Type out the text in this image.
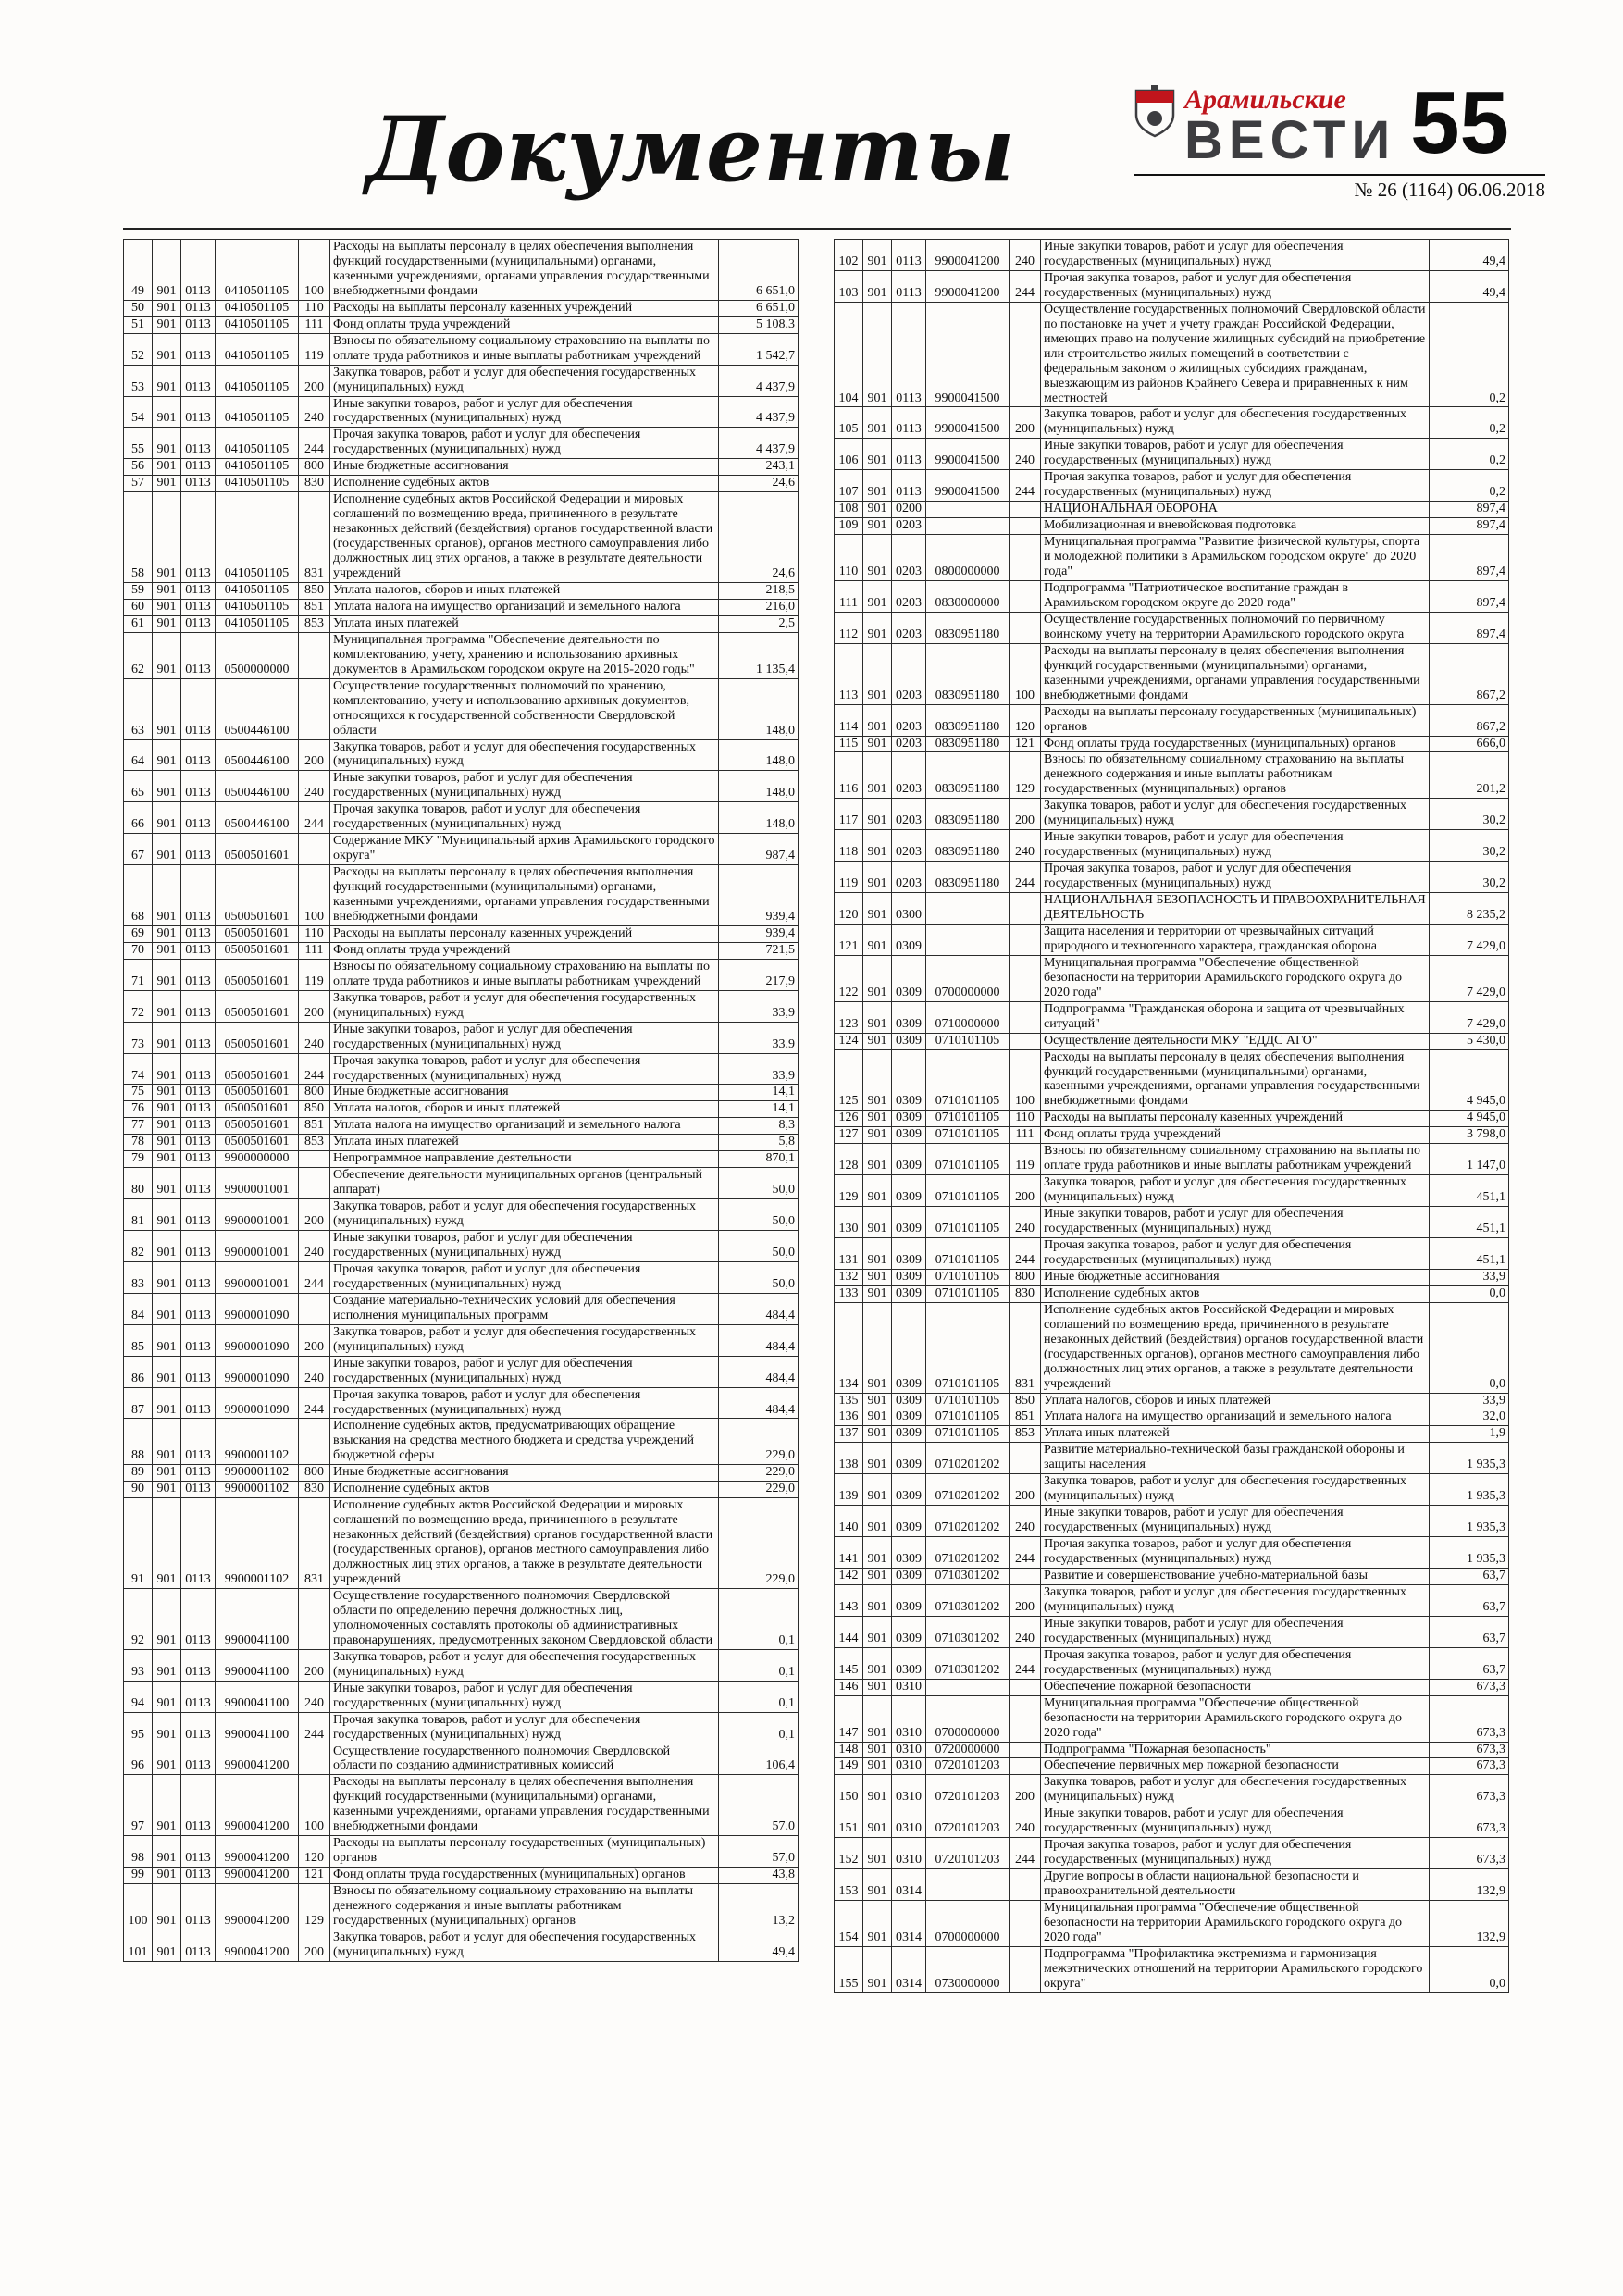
Документы	Арамильские
ВЕСТИ 55
№ 26 (1164) 06.06.2018
49	901	0113	0410501105	100	Расходы на выплаты персоналу в целях обеспечения выполнения функций государственными (муниципальными) органами, казенными учреждениями, органами управления государственными внебюджетными фондами	6 651,0
50	901	0113	0410501105	110	Расходы на выплаты персоналу казенных учреждений	6 651,0
51	901	0113	0410501105	111	Фонд оплаты труда учреждений	5 108,3
52	901	0113	0410501105	119	Взносы по обязательному социальному страхованию на выплаты по оплате труда работников и иные выплаты работникам учреждений	1 542,7
53	901	0113	0410501105	200	Закупка товаров, работ и услуг для обеспечения государственных (муниципальных) нужд	4 437,9
54	901	0113	0410501105	240	Иные закупки товаров, работ и услуг для обеспечения государственных (муниципальных) нужд	4 437,9
55	901	0113	0410501105	244	Прочая закупка товаров, работ и услуг для обеспечения государственных (муниципальных) нужд	4 437,9
56	901	0113	0410501105	800	Иные бюджетные ассигнования	243,1
57	901	0113	0410501105	830	Исполнение судебных актов	24,6
58	901	0113	0410501105	831	Исполнение судебных актов Российской Федерации и мировых соглашений по возмещению вреда, причиненного в результате незаконных действий (бездействия) органов государственной власти (государственных органов), органов местного самоуправления либо должностных лиц этих органов, а также в результате деятельности учреждений	24,6
59	901	0113	0410501105	850	Уплата налогов, сборов и иных платежей	218,5
60	901	0113	0410501105	851	Уплата налога на имущество организаций и земельного налога	216,0
61	901	0113	0410501105	853	Уплата иных платежей	2,5
62	901	0113	0500000000		Муниципальная программа "Обеспечение деятельности по комплектованию, учету, хранению и использованию архивных документов в Арамильском городском округе на 2015-2020 годы"	1 135,4
63	901	0113	0500446100		Осуществление государственных полномочий по хранению, комплектованию, учету и использованию архивных документов, относящихся к государственной собственности Свердловской области	148,0
64	901	0113	0500446100	200	Закупка товаров, работ и услуг для обеспечения государственных (муниципальных) нужд	148,0
65	901	0113	0500446100	240	Иные закупки товаров, работ и услуг для обеспечения государственных (муниципальных) нужд	148,0
66	901	0113	0500446100	244	Прочая закупка товаров, работ и услуг для обеспечения государственных (муниципальных) нужд	148,0
67	901	0113	0500501601		Содержание МКУ "Муниципальный архив Арамильского городского округа"	987,4
68	901	0113	0500501601	100	Расходы на выплаты персоналу в целях обеспечения выполнения функций государственными (муниципальными) органами, казенными учреждениями, органами управления государственными внебюджетными фондами	939,4
69	901	0113	0500501601	110	Расходы на выплаты персоналу казенных учреждений	939,4
70	901	0113	0500501601	111	Фонд оплаты труда учреждений	721,5
71	901	0113	0500501601	119	Взносы по обязательному социальному страхованию на выплаты по оплате труда работников и иные выплаты работникам учреждений	217,9
72	901	0113	0500501601	200	Закупка товаров, работ и услуг для обеспечения государственных (муниципальных) нужд	33,9
73	901	0113	0500501601	240	Иные закупки товаров, работ и услуг для обеспечения государственных (муниципальных) нужд	33,9
74	901	0113	0500501601	244	Прочая закупка товаров, работ и услуг для обеспечения государственных (муниципальных) нужд	33,9
75	901	0113	0500501601	800	Иные бюджетные ассигнования	14,1
76	901	0113	0500501601	850	Уплата налогов, сборов и иных платежей	14,1
77	901	0113	0500501601	851	Уплата налога на имущество организаций и земельного налога	8,3
78	901	0113	0500501601	853	Уплата иных платежей	5,8
79	901	0113	9900000000		Непрограммное направление деятельности	870,1
80	901	0113	9900001001		Обеспечение деятельности муниципальных органов (центральный аппарат)	50,0
81	901	0113	9900001001	200	Закупка товаров, работ и услуг для обеспечения государственных (муниципальных) нужд	50,0
82	901	0113	9900001001	240	Иные закупки товаров, работ и услуг для обеспечения государственных (муниципальных) нужд	50,0
83	901	0113	9900001001	244	Прочая закупка товаров, работ и услуг для обеспечения государственных (муниципальных) нужд	50,0
84	901	0113	9900001090		Создание материально-технических условий для обеспечения исполнения муниципальных программ	484,4
85	901	0113	9900001090	200	Закупка товаров, работ и услуг для обеспечения государственных (муниципальных) нужд	484,4
86	901	0113	9900001090	240	Иные закупки товаров, работ и услуг для обеспечения государственных (муниципальных) нужд	484,4
87	901	0113	9900001090	244	Прочая закупка товаров, работ и услуг для обеспечения государственных (муниципальных) нужд	484,4
88	901	0113	9900001102		Исполнение судебных актов, предусматривающих обращение взыскания на средства местного бюджета и средства учреждений бюджетной сферы	229,0
89	901	0113	9900001102	800	Иные бюджетные ассигнования	229,0
90	901	0113	9900001102	830	Исполнение судебных актов	229,0
91	901	0113	9900001102	831	Исполнение судебных актов Российской Федерации и мировых соглашений по возмещению вреда, причиненного в результате незаконных действий (бездействия) органов государственной власти (государственных органов), органов местного самоуправления либо должностных лиц этих органов, а также в результате деятельности учреждений	229,0
92	901	0113	9900041100		Осуществление государственного полномочия Свердловской области по определению перечня должностных лиц, уполномоченных составлять протоколы об административных правонарушениях, предусмотренных законом Свердловской области	0,1
93	901	0113	9900041100	200	Закупка товаров, работ и услуг для обеспечения государственных (муниципальных) нужд	0,1
94	901	0113	9900041100	240	Иные закупки товаров, работ и услуг для обеспечения государственных (муниципальных) нужд	0,1
95	901	0113	9900041100	244	Прочая закупка товаров, работ и услуг для обеспечения государственных (муниципальных) нужд	0,1
96	901	0113	9900041200		Осуществление государственного полномочия Свердловской области по созданию административных комиссий	106,4
97	901	0113	9900041200	100	Расходы на выплаты персоналу в целях обеспечения выполнения функций государственными (муниципальными) органами, казенными учреждениями, органами управления государственными внебюджетными фондами	57,0
98	901	0113	9900041200	120	Расходы на выплаты персоналу государственных (муниципальных) органов	57,0
99	901	0113	9900041200	121	Фонд оплаты труда государственных (муниципальных) органов	43,8
100	901	0113	9900041200	129	Взносы по обязательному социальному страхованию на выплаты денежного содержания и иные выплаты работникам государственных (муниципальных) органов	13,2
101	901	0113	9900041200	200	Закупка товаров, работ и услуг для обеспечения государственных (муниципальных) нужд	49,4
102	901	0113	9900041200	240	Иные закупки товаров, работ и услуг для обеспечения государственных (муниципальных) нужд	49,4
103	901	0113	9900041200	244	Прочая закупка товаров, работ и услуг для обеспечения государственных (муниципальных) нужд	49,4
104	901	0113	9900041500		Осуществление государственных полномочий Свердловской области по постановке на учет и учету граждан Российской Федерации, имеющих право на получение жилищных субсидий на приобретение или строительство жилых помещений в соответствии с федеральным законом о жилищных субсидиях гражданам, выезжающим из районов Крайнего Севера и приравненных к ним местностей	0,2
105	901	0113	9900041500	200	Закупка товаров, работ и услуг для обеспечения государственных (муниципальных) нужд	0,2
106	901	0113	9900041500	240	Иные закупки товаров, работ и услуг для обеспечения государственных (муниципальных) нужд	0,2
107	901	0113	9900041500	244	Прочая закупка товаров, работ и услуг для обеспечения государственных (муниципальных) нужд	0,2
108	901	0200			НАЦИОНАЛЬНАЯ ОБОРОНА	897,4
109	901	0203			Мобилизационная и вневойсковая подготовка	897,4
110	901	0203	0800000000		Муниципальная программа "Развитие физической культуры, спорта и молодежной политики в Арамильском городском округе" до 2020 года"	897,4
111	901	0203	0830000000		Подпрограмма "Патриотическое воспитание граждан в Арамильском городском округе до 2020 года"	897,4
112	901	0203	0830951180		Осуществление государственных полномочий по первичному воинскому учету на территории Арамильского городского округа	897,4
113	901	0203	0830951180	100	Расходы на выплаты персоналу в целях обеспечения выполнения функций государственными (муниципальными) органами, казенными учреждениями, органами управления государственными внебюджетными фондами	867,2
114	901	0203	0830951180	120	Расходы на выплаты персоналу государственных (муниципальных) органов	867,2
115	901	0203	0830951180	121	Фонд оплаты труда государственных (муниципальных) органов	666,0
116	901	0203	0830951180	129	Взносы по обязательному социальному страхованию на выплаты денежного содержания и иные выплаты работникам государственных (муниципальных) органов	201,2
117	901	0203	0830951180	200	Закупка товаров, работ и услуг для обеспечения государственных (муниципальных) нужд	30,2
118	901	0203	0830951180	240	Иные закупки товаров, работ и услуг для обеспечения государственных (муниципальных) нужд	30,2
119	901	0203	0830951180	244	Прочая закупка товаров, работ и услуг для обеспечения государственных (муниципальных) нужд	30,2
120	901	0300			НАЦИОНАЛЬНАЯ БЕЗОПАСНОСТЬ И ПРАВООХРАНИТЕЛЬНАЯ ДЕЯТЕЛЬНОСТЬ	8 235,2
121	901	0309			Защита населения и территории от чрезвычайных ситуаций природного и техногенного характера, гражданская оборона	7 429,0
122	901	0309	0700000000		Муниципальная программа "Обеспечение общественной безопасности на территории Арамильского городского округа до 2020 года"	7 429,0
123	901	0309	0710000000		Подпрограмма "Гражданская оборона и защита от чрезвычайных ситуаций"	7 429,0
124	901	0309	0710101105		Осуществление деятельности МКУ "ЕДДС АГО"	5 430,0
125	901	0309	0710101105	100	Расходы на выплаты персоналу в целях обеспечения выполнения функций государственными (муниципальными) органами, казенными учреждениями, органами управления государственными внебюджетными фондами	4 945,0
126	901	0309	0710101105	110	Расходы на выплаты персоналу казенных учреждений	4 945,0
127	901	0309	0710101105	111	Фонд оплаты труда учреждений	3 798,0
128	901	0309	0710101105	119	Взносы по обязательному социальному страхованию на выплаты по оплате труда работников и иные выплаты работникам учреждений	1 147,0
129	901	0309	0710101105	200	Закупка товаров, работ и услуг для обеспечения государственных (муниципальных) нужд	451,1
130	901	0309	0710101105	240	Иные закупки товаров, работ и услуг для обеспечения государственных (муниципальных) нужд	451,1
131	901	0309	0710101105	244	Прочая закупка товаров, работ и услуг для обеспечения государственных (муниципальных) нужд	451,1
132	901	0309	0710101105	800	Иные бюджетные ассигнования	33,9
133	901	0309	0710101105	830	Исполнение судебных актов	0,0
134	901	0309	0710101105	831	Исполнение судебных актов Российской Федерации и мировых соглашений по возмещению вреда, причиненного в результате незаконных действий (бездействия) органов государственной власти (государственных органов), органов местного самоуправления либо должностных лиц этих органов, а также в результате деятельности учреждений	0,0
135	901	0309	0710101105	850	Уплата налогов, сборов и иных платежей	33,9
136	901	0309	0710101105	851	Уплата налога на имущество организаций и земельного налога	32,0
137	901	0309	0710101105	853	Уплата иных платежей	1,9
138	901	0309	0710201202		Развитие материально-технической базы гражданской обороны и защиты населения	1 935,3
139	901	0309	0710201202	200	Закупка товаров, работ и услуг для обеспечения государственных (муниципальных) нужд	1 935,3
140	901	0309	0710201202	240	Иные закупки товаров, работ и услуг для обеспечения государственных (муниципальных) нужд	1 935,3
141	901	0309	0710201202	244	Прочая закупка товаров, работ и услуг для обеспечения государственных (муниципальных) нужд	1 935,3
142	901	0309	0710301202		Развитие и совершенствование учебно-материальной базы	63,7
143	901	0309	0710301202	200	Закупка товаров, работ и услуг для обеспечения государственных (муниципальных) нужд	63,7
144	901	0309	0710301202	240	Иные закупки товаров, работ и услуг для обеспечения государственных (муниципальных) нужд	63,7
145	901	0309	0710301202	244	Прочая закупка товаров, работ и услуг для обеспечения государственных (муниципальных) нужд	63,7
146	901	0310			Обеспечение пожарной безопасности	673,3
147	901	0310	0700000000		Муниципальная программа "Обеспечение общественной безопасности на территории Арамильского городского округа до 2020 года"	673,3
148	901	0310	0720000000		Подпрограмма "Пожарная безопасность"	673,3
149	901	0310	0720101203		Обеспечение первичных мер пожарной безопасности	673,3
150	901	0310	0720101203	200	Закупка товаров, работ и услуг для обеспечения государственных (муниципальных) нужд	673,3
151	901	0310	0720101203	240	Иные закупки товаров, работ и услуг для обеспечения государственных (муниципальных) нужд	673,3
152	901	0310	0720101203	244	Прочая закупка товаров, работ и услуг для обеспечения государственных (муниципальных) нужд	673,3
153	901	0314			Другие вопросы в области национальной безопасности и правоохранительной деятельности	132,9
154	901	0314	0700000000		Муниципальная программа "Обеспечение общественной безопасности на территории Арамильского городского округа до 2020 года"	132,9
155	901	0314	0730000000		Подпрограмма "Профилактика экстремизма и гармонизация межэтнических отношений на территории Арамильского городского округа"	0,0
